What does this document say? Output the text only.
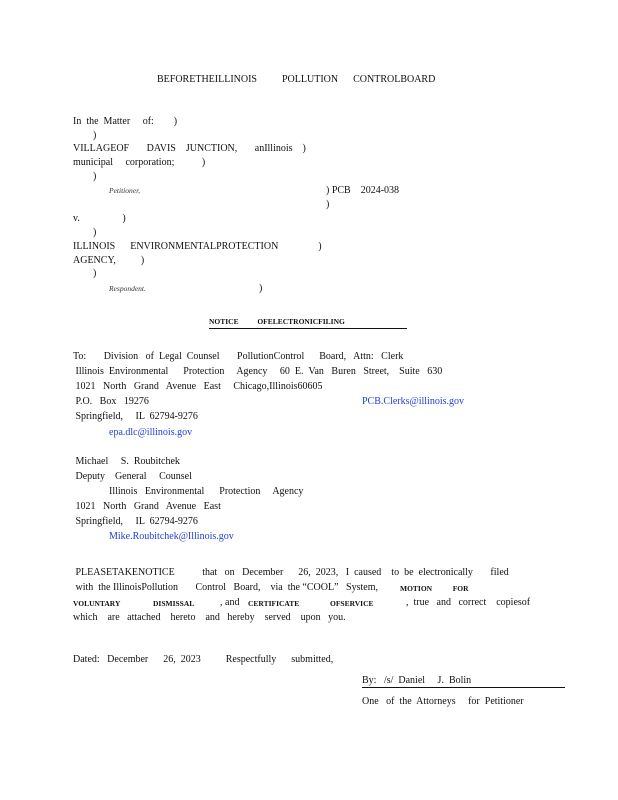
BEFORETHEILLINOIS          POLLUTION      CONTROLBOARD
In  the  Matter     of:        )
)
VILLAGEOF       DAVIS    JUNCTION,       anIllinois    )
municipal     corporation;           )
)
Petitioner,	) PCB    2024-038
)
v.                 )
)
ILLINOIS      ENVIRONMENTALPROTECTION                )
AGENCY,          )
)
Respondent.	)
NOTICE          OFELECTRONICFILING
To:       Division   of  Legal  Counsel       PollutionControl      Board,   Attn:   Clerk
Illinois  Environmental      Protection     Agency     60  E.  Van   Buren   Street,    Suite   630
1021   North   Grand   Avenue   East     Chicago,Illinois60605
P.O.   Box   19276	PCB.Clerks@illinois.gov
Springfield,     IL  62794-9276
epa.dlc@illinois.gov
Michael     S.  Roubitchek
Deputy    General     Counsel
Illinois   Environmental      Protection     Agency
1021   North   Grand   Avenue   East
Springfield,     IL  62794-9276
Mike.Roubitchek@Illinois.gov
PLEASETAKENOTICE           that   on   December      26,  2023,   I  caused    to  be  electronically       filed
with  the IllinoisPollution       Control   Board,    via  the “COOL”   System,	MOTION           FOR
VOLUNTARY	DISMISSAL	, and CERTIFICATE	OFSERVICE	,  true   and   correct    copiesof
which    are   attached    hereto    and   hereby    served    upon   you.
Dated:   December      26,  2023          Respectfully      submitted,
By:   /s/  Daniel     J.  Bolin
One   of  the  Attorneys     for  Petitioner
